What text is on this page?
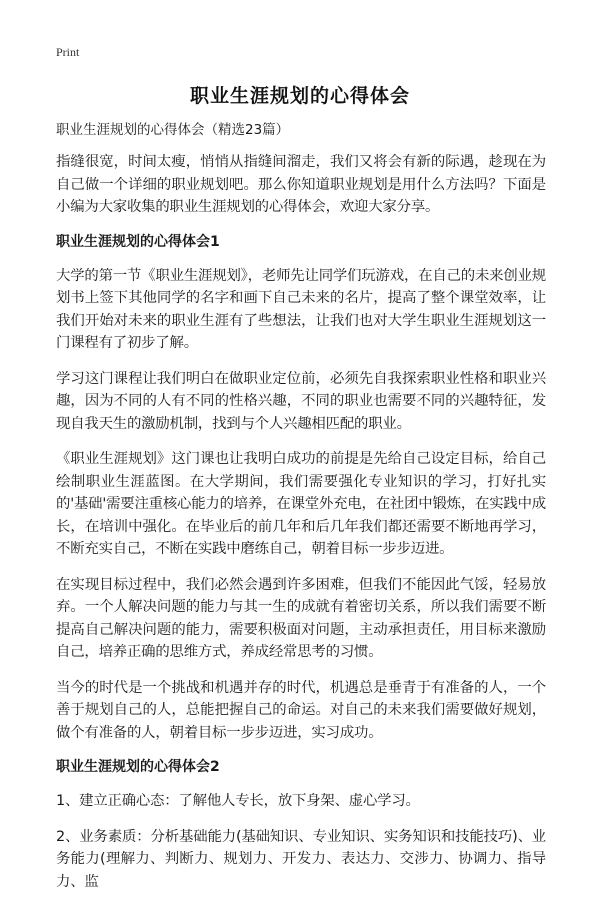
Print
职业生涯规划的心得体会
职业生涯规划的心得体会（精选23篇）

指缝很宽，时间太瘦，悄悄从指缝间溜走，我们又将会有新的际遇，趁现在为自己做一个详细的职业规划吧。那么你知道职业规划是用什么方法吗？下面是小编为大家收集的职业生涯规划的心得体会，欢迎大家分享。

职业生涯规划的心得体会1

大学的第一节《职业生涯规划》，老师先让同学们玩游戏，在自己的未来创业规划书上签下其他同学的名字和画下自己未来的名片，提高了整个课堂效率，让我们开始对未来的职业生涯有了些想法，让我们也对大学生职业生涯规划这一门课程有了初步了解。

学习这门课程让我们明白在做职业定位前，必须先自我探索职业性格和职业兴趣，因为不同的人有不同的性格兴趣，不同的职业也需要不同的兴趣特征，发现自我天生的激励机制，找到与个人兴趣相匹配的职业。

《职业生涯规划》这门课也让我明白成功的前提是先给自己设定目标，给自己绘制职业生涯蓝图。在大学期间，我们需要强化专业知识的学习，打好扎实的'基础'需要注重核心能力的培养，在课堂外充电，在社团中锻炼，在实践中成长，在培训中强化。在毕业后的前几年和后几年我们都还需要不断地再学习，不断充实自己，不断在实践中磨练自己，朝着目标一步步迈进。

在实现目标过程中，我们必然会遇到许多困难，但我们不能因此气馁，轻易放弃。一个人解决问题的能力与其一生的成就有着密切关系，所以我们需要不断提高自己解决问题的能力，需要积极面对问题，主动承担责任，用目标来激励自己，培养正确的思维方式，养成经常思考的习惯。

当今的时代是一个挑战和机遇并存的时代，机遇总是垂青于有准备的人，一个善于规划自己的人，总能把握自己的命运。对自己的未来我们需要做好规划，做个有准备的人，朝着目标一步步迈进，实习成功。

职业生涯规划的心得体会2

1、建立正确心态：了解他人专长，放下身架、虚心学习。

2、业务素质：分析基础能力(基础知识、专业知识、实务知识和技能技巧)、业务能力(理解力、判断力、规划力、开发力、表达力、交涉力、协调力、指导力、监
